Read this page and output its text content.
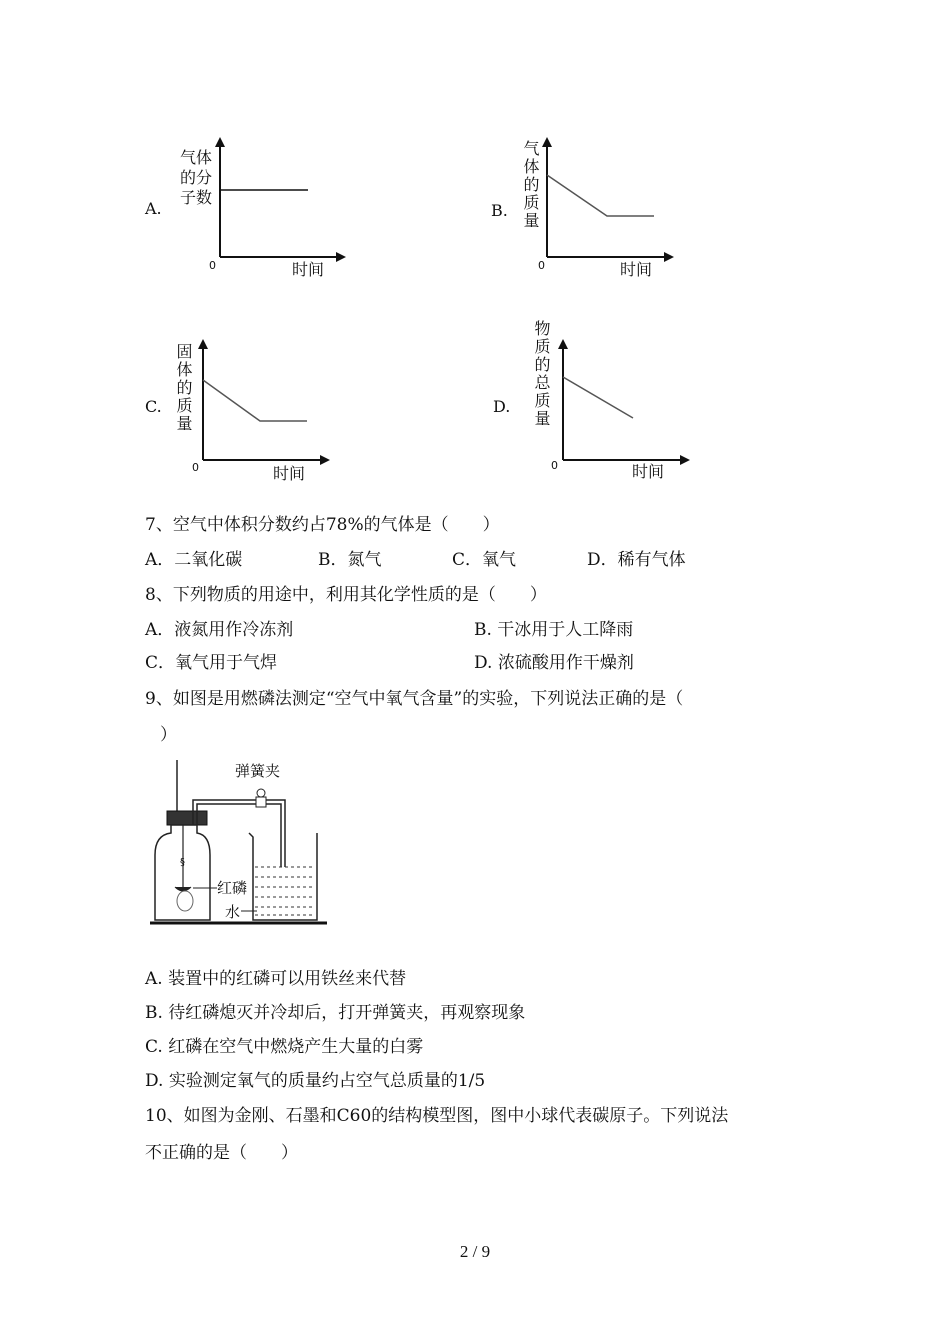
A.
气体
的分
子数
0	时间
B. 气体的质量
0	时间
C. 固体的质量
0	时间
D. 物质的总质量
0	时间
7、空气中体积分数约占78%的气体是（　　）
A．二氧化碳	B．氮气	C．氧气	D．稀有气体
8、下列物质的用途中，利用其化学性质的是（　　）
A．液氮用作冷冻剂	B. 干冰用于人工降雨
C．氧气用于气焊	D. 浓硫酸用作干燥剂
9、如图是用燃磷法测定“空气中氧气含量”的实验，下列说法正确的是（
）
§
弹簧夹
红磷
水
A. 装置中的红磷可以用铁丝来代替
B. 待红磷熄灭并冷却后，打开弹簧夹，再观察现象
C. 红磷在空气中燃烧产生大量的白雾
D. 实验测定氧气的质量约占空气总质量的1/5
10、如图为金刚、石墨和C60的结构模型图，图中小球代表碳原子。下列说法
不正确的是（　　）
2 / 9
